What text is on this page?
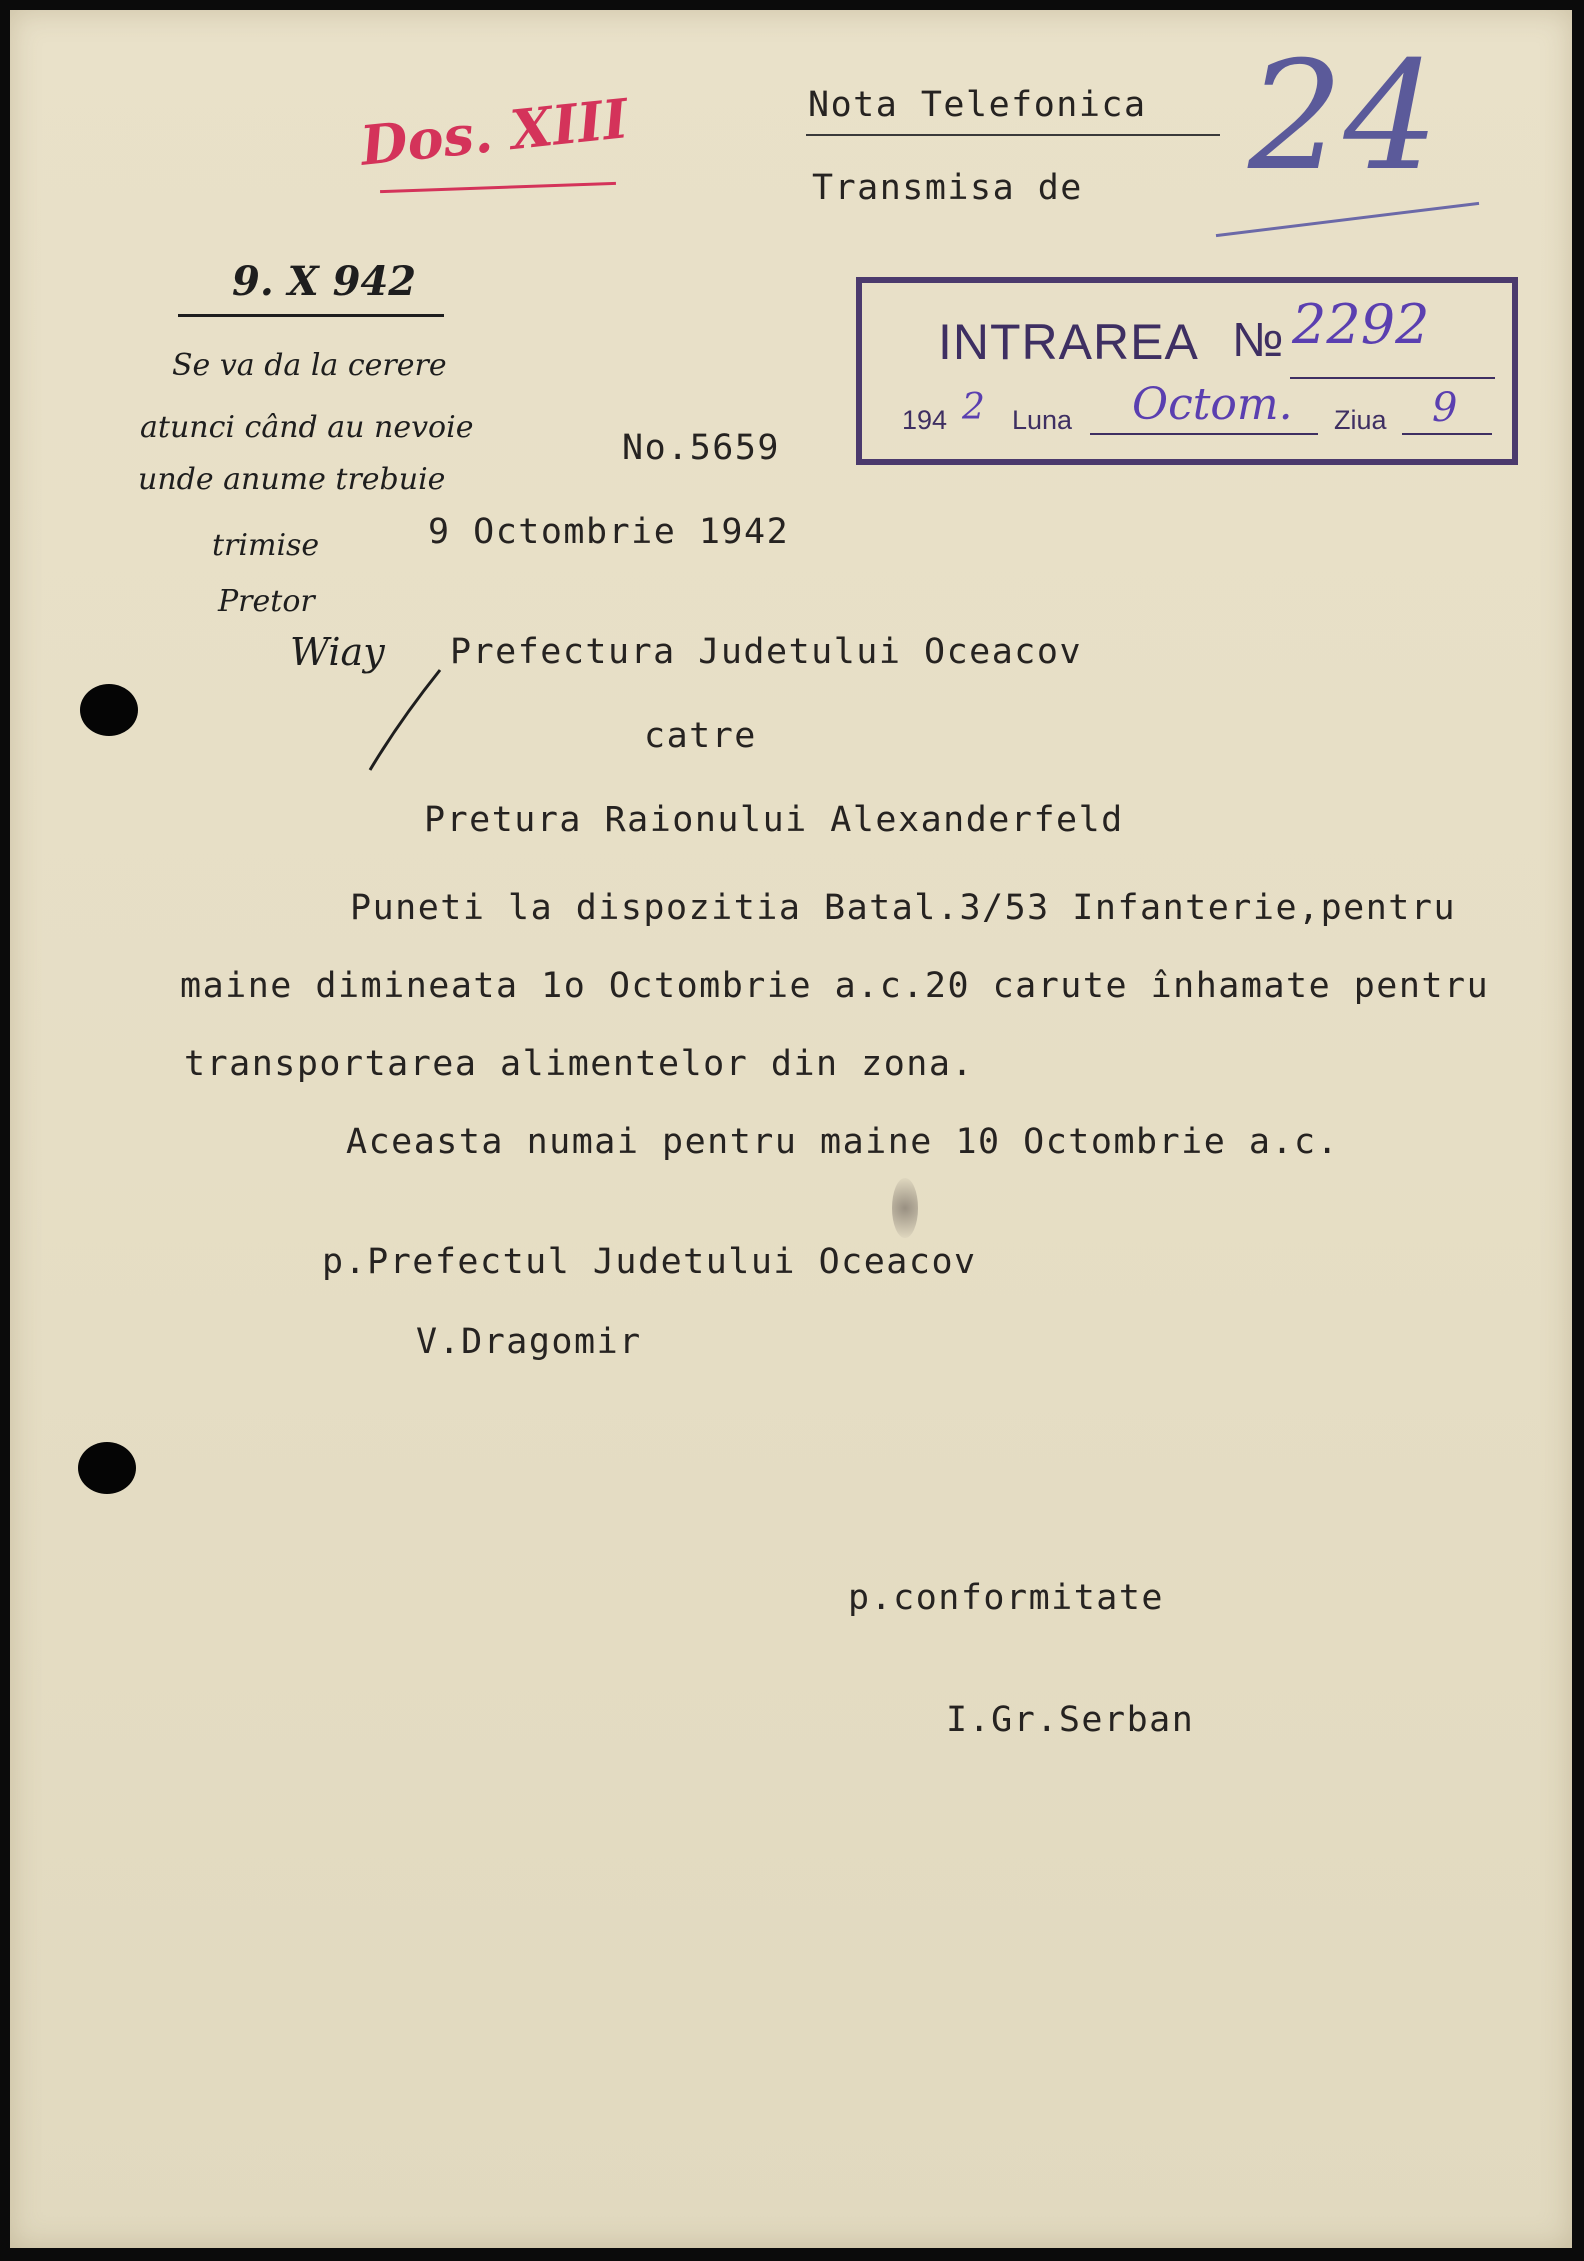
Dos. XIII	Nota Telefonica
Transmisa de 24
INTRAREA № 2292
194 2 Luna Octom. Ziua 9
9. X 942
Se va da la cerere
atunci când au nevoie
unde anume trebuie
trimise
Pretor
Wiay
No.5659
9 Octombrie 1942
Prefectura Judetului Oceacov
catre
Pretura Raionului Alexanderfeld
Puneti la dispozitia Batal.3/53 Infanterie,pentru
maine dimineata 1o Octombrie a.c.20 carute înhamate pentru
transportarea alimentelor din zona.
Aceasta numai pentru maine 10 Octombrie a.c.
p.Prefectul Judetului Oceacov
V.Dragomir
p.conformitate
I.Gr.Serban
